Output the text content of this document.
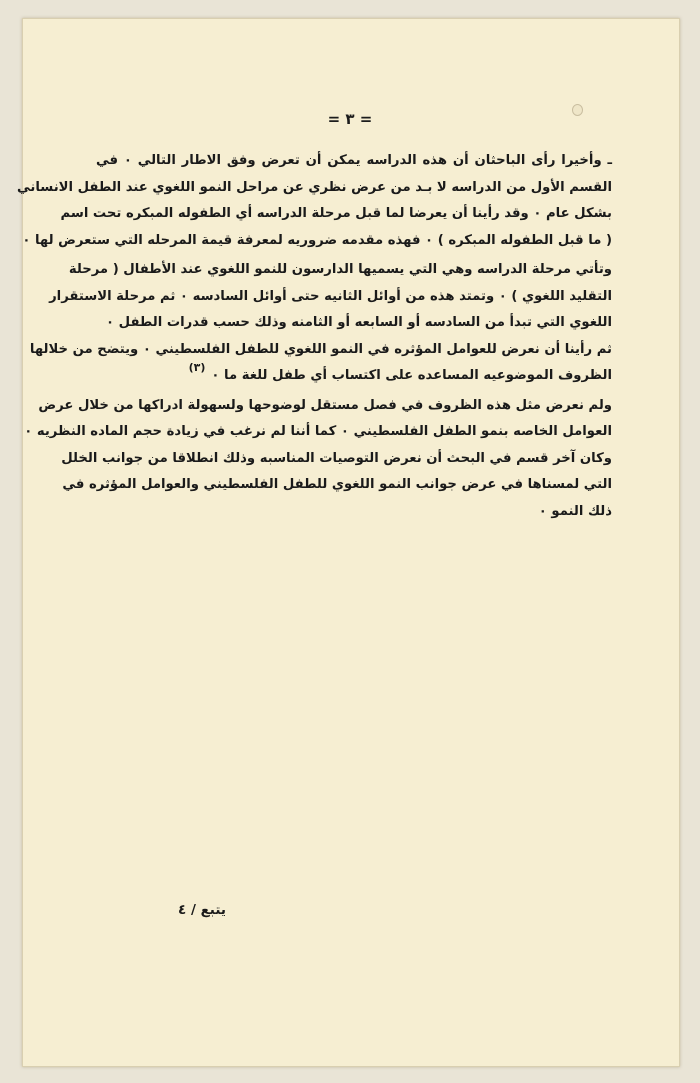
= ٣ =
ـ وأخيرا رأى الباحثان أن هذه الدراسه يمكن أن تعرض وفق الاطار التالي ٠ في
القسم الأول من الدراسه لا بـد من عرض نظري عن مراحل النمو اللغوي عند الطفل الانساني
بشكل عام ٠ وقد رأينا أن يعرضا لما قبل مرحلة الدراسه أي الطفوله المبكره تحت اسم
( ما قبل الطفوله المبكره ) ٠ فهذه مقدمه ضروريه لمعرفة قيمة المرحله التي ستعرض لها ٠
وتأتي مرحلة الدراسه وهي التي يسميها الدارسون للنمو اللغوي عند الأطفال ( مرحلة
التقليد اللغوي ) ٠ وتمتد هذه من أوائل الثانيه حتى أوائل السادسه ٠ ثم مرحلة الاستقرار
اللغوي التي تبدأ من السادسه أو السابعه أو الثامنه وذلك حسب قدرات الطفل ٠
ثم رأينا أن نعرض للعوامل المؤثره في النمو اللغوي للطفل الفلسطيني ٠ ويتضح من خلالها
الظروف الموضوعيه المساعده على اكتساب أي طفل للغة ما ٠$^{(٣)}$
ولم نعرض مثل هذه الظروف في فصل مستقل لوضوحها ولسهولة ادراكها من خلال عرض
العوامل الخاصه بنمو الطفل الفلسطيني ٠ كما أننا لم نرغب في زيادة حجم الماده النظريه ٠
وكان آخر قسم في البحث أن نعرض التوصيات المناسبه وذلك انطلاقا من جوانب الخلل
التي لمسناها في عرض جوانب النمو اللغوي للطفل الفلسطيني والعوامل المؤثره في
ذلك النمو ٠
يتبع / ٤
